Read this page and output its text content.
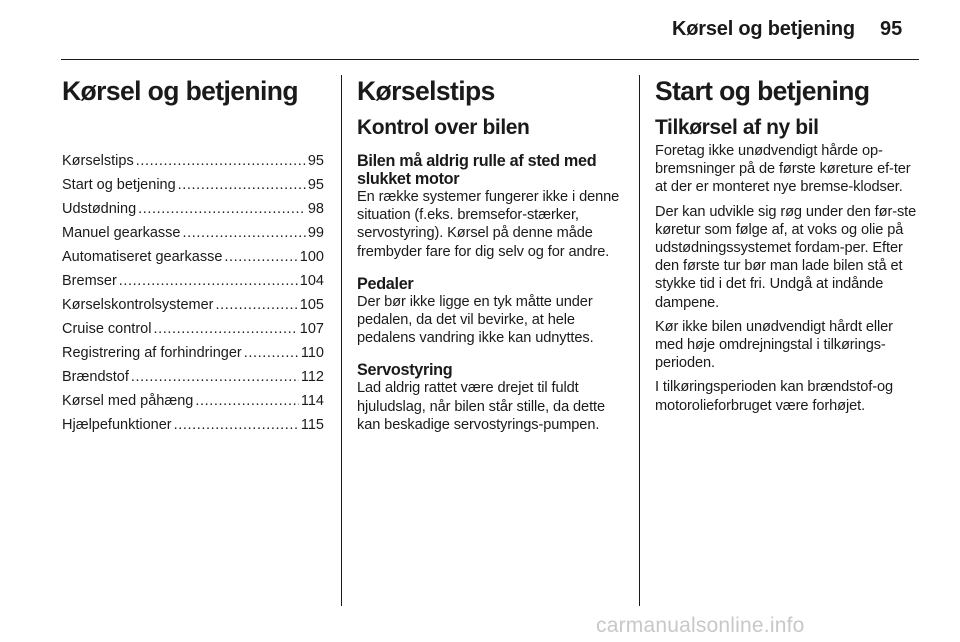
Kørsel og betjening 95
Kørsel og betjening
Kørselstips .....	95
Start og betjening .....	95
Udstødning .....	98
Manuel gearkasse .....	99
Automatiseret gearkasse .....	100
Bremser .....	104
Kørselskontrolsystemer .....	105
Cruise control .....	107
Registrering af forhindringer .....	110
Brændstof .....	112
Kørsel med påhæng .....	114
Hjælpefunktioner .....	115
Kørselstips
Kontrol over bilen
Bilen må aldrig rulle af sted med slukket motor

En række systemer fungerer ikke i denne situation (f.eks. bremsefor-stærker, servostyring). Kørsel på denne måde frembyder fare for dig selv og for andre.

Pedaler

Der bør ikke ligge en tyk måtte under pedalen, da det vil bevirke, at hele pedalens vandring ikke kan udnyttes.

Servostyring

Lad aldrig rattet være drejet til fuldt hjuludslag, når bilen står stille, da dette kan beskadige servostyrings-pumpen.

Start og betjening
Tilkørsel af ny bil

Foretag ikke unødvendigt hårde op-bremsninger på de første køreture ef-ter at der er monteret nye bremse-klodser.

Der kan udvikle sig røg under den før-ste køretur som følge af, at voks og olie på udstødningssystemet fordam-per. Efter den første tur bør man lade bilen stå et stykke tid i det fri. Undgå at indånde dampene.

Kør ikke bilen unødvendigt hårdt eller med høje omdrejningstal i tilkørings-perioden.

I tilkøringsperioden kan brændstof-og motorolieforbruget være forhøjet.

carmanualsonline.info
